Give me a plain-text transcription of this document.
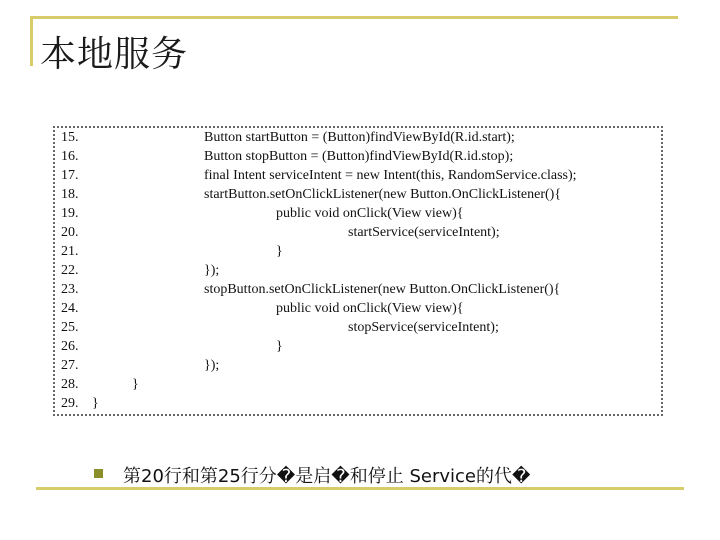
本地服务
15.	Button startButton = (Button)findViewById(R.id.start);
16.	Button stopButton = (Button)findViewById(R.id.stop);
17.	final Intent serviceIntent = new Intent(this, RandomService.class);
18.	startButton.setOnClickListener(new Button.OnClickListener(){
19.	public void onClick(View view){
20.	startService(serviceIntent);
21.	}
22.	});
23.	stopButton.setOnClickListener(new Button.OnClickListener(){
24.	public void onClick(View view){
25.	stopService(serviceIntent);
26.	}
27.	});
28.	}
29. }
第20行和第25行分�是启�和停止 Service的代�
